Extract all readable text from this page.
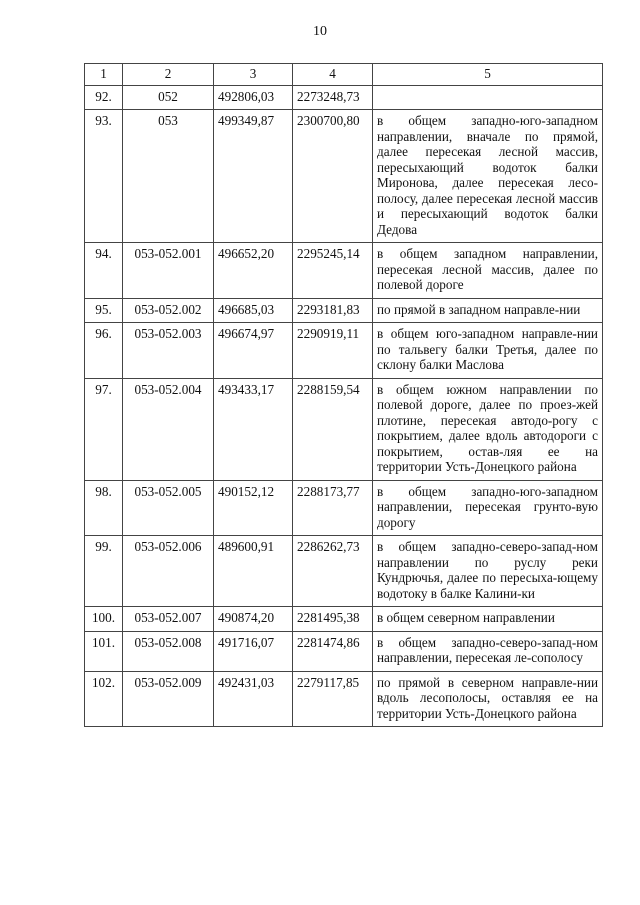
10
1	2	3	4	5
92.	052	492806,03	2273248,73	
93.	053	499349,87	2300700,80	в общем западно-юго-западном направлении, вначале по прямой, далее пересекая лесной массив, пересыхающий водоток балки Миронова, далее пересекая лесо-полосу, далее пересекая лесной массив и пересыхающий водоток балки Дедова
94.	053-052.001	496652,20	2295245,14	в общем западном направлении, пересекая лесной массив, далее по полевой дороге
95.	053-052.002	496685,03	2293181,83	по прямой в западном направле-нии
96.	053-052.003	496674,97	2290919,11	в общем юго-западном направле-нии по тальвегу балки Третья, далее по склону балки Маслова
97.	053-052.004	493433,17	2288159,54	в общем южном направлении по полевой дороге, далее по проез-жей плотине, пересекая автодо-рогу с покрытием, далее вдоль автодороги с покрытием, остав-ляя ее на территории Усть-Донецкого района
98.	053-052.005	490152,12	2288173,77	в общем западно-юго-западном направлении, пересекая грунто-вую дорогу
99.	053-052.006	489600,91	2286262,73	в общем западно-северо-запад-ном направлении по руслу реки Кундрючья, далее по пересыха-ющему водотоку в балке Калини-ки
100.	053-052.007	490874,20	2281495,38	в общем северном направлении
101.	053-052.008	491716,07	2281474,86	в общем западно-северо-запад-ном направлении, пересекая ле-сополосу
102.	053-052.009	492431,03	2279117,85	по прямой в северном направле-нии вдоль лесополосы, оставляя ее на территории Усть-Донецкого района
